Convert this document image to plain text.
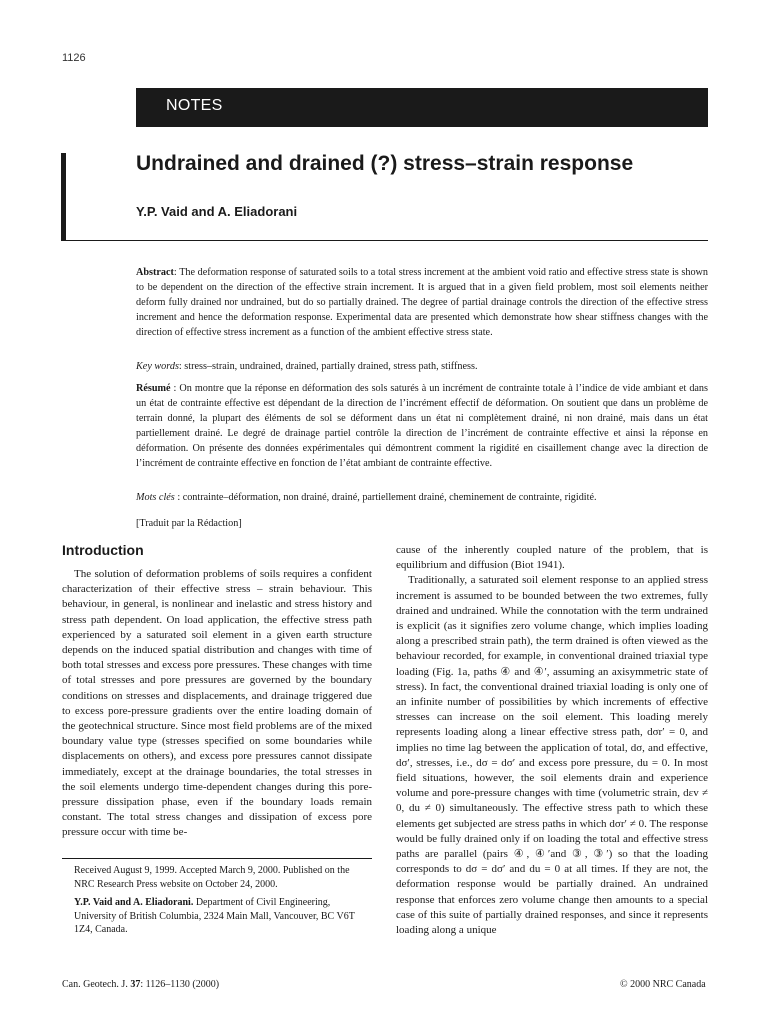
1126
NOTES
Undrained and drained (?) stress–strain response
Y.P. Vaid and A. Eliadorani

Abstract: The deformation response of saturated soils to a total stress increment at the ambient void ratio and effective stress state is shown to be dependent on the direction of the effective strain increment. It is argued that in a given field problem, most soil elements neither deform fully drained nor undrained, but do so partially drained. The degree of partial drainage controls the direction of the effective stress increment and hence the deformation response. Experimental data are presented which demonstrate how shear stiffness changes with the direction of effective stress increment as a function of the ambient effective stress state.

Key words: stress–strain, undrained, drained, partially drained, stress path, stiffness.

Résumé : On montre que la réponse en déformation des sols saturés à un incrément de contrainte totale à l’indice de vide ambiant et dans un état de contrainte effective est dépendant de la direction de l’incrément effectif de déformation. On soutient que dans un problème de terrain donné, la plupart des éléments de sol se déforment dans un état ni complètement drainé, ni non drainé, mais dans un état partiellement drainé. Le degré de drainage partiel contrôle la direction de l’incrément de contrainte effective et ainsi la réponse en déformation. On présente des données expérimentales qui démontrent comment la rigidité en cisaillement change avec la direction de l’incrément de contrainte effective en fonction de l’état ambiant de contrainte effective.

Mots clés : contrainte–déformation, non drainé, drainé, partiellement drainé, cheminement de contrainte, rigidité.

[Traduit par la Rédaction]
Introduction

The solution of deformation problems of soils requires a confident characterization of their effective stress – strain behaviour. This behaviour, in general, is nonlinear and inelastic and stress history and stress path dependent. On load application, the effective stress path experienced by a saturated soil element in a given earth structure depends on the induced spatial distribution and changes with time of both total stresses and excess pore pressures. These changes with time of total stresses and pore pressures are governed by the boundary conditions on stresses and displacements, and drainage triggered due to excess pore-pressure gradients over the entire loading domain of the geotechnical structure. Since most field problems are of the mixed boundary value type (stresses specified on some boundaries while displacements on others), and excess pore pressures cannot dissipate immediately, except at the drainage boundaries, the total stresses in the soil elements undergo time-dependent changes during this pore-pressure dissipation phase, even if the boundary loads remain constant. The total stress changes and dissipation of excess pore pressure occur with time be-

cause of the inherently coupled nature of the problem, that is equilibrium and diffusion (Biot 1941).

Traditionally, a saturated soil element response to an applied stress increment is assumed to be bounded between the two extremes, fully drained and undrained. While the connotation with the term undrained is explicit (as it signifies zero volume change, which implies loading along a prescribed strain path), the term drained is often viewed as the behaviour recorded, for example, in conventional drained triaxial type loading (Fig. 1a, paths ④ and ④′, assuming an axisymmetric state of stress). In fact, the conventional drained triaxial loading is only one of an infinite number of possibilities by which increments of effective stresses can increase on the soil element. This loading merely represents loading along a linear effective stress path, dσr′ = 0, and implies no time lag between the application of total, dσ, and effective, dσ′, stresses, i.e., dσ = dσ′ and excess pore pressure, du = 0. In most field situations, however, the soil elements drain and experience volume and pore-pressure changes with time (volumetric strain, dεv ≠ 0, du ≠ 0) simultaneously. The effective stress path to which these elements get subjected are stress paths in which dσr′ ≠ 0. The response would be fully drained only if on loading the total and effective stress paths are parallel (pairs ④, ④′and ③, ③′) so that the loading corresponds to dσ = dσ′ and du = 0 at all times. If they are not, the deformation response would be partially drained. An undrained response that enforces zero volume change then amounts to a special case of this suite of partially drained responses, and since it represents loading along a unique

Received August 9, 1999. Accepted March 9, 2000. Published on the NRC Research Press website on October 24, 2000.

Y.P. Vaid and A. Eliadorani. Department of Civil Engineering, University of British Columbia, 2324 Main Mall, Vancouver, BC V6T 1Z4, Canada.

Can. Geotech. J. 37: 1126–1130 (2000)	© 2000 NRC Canada
